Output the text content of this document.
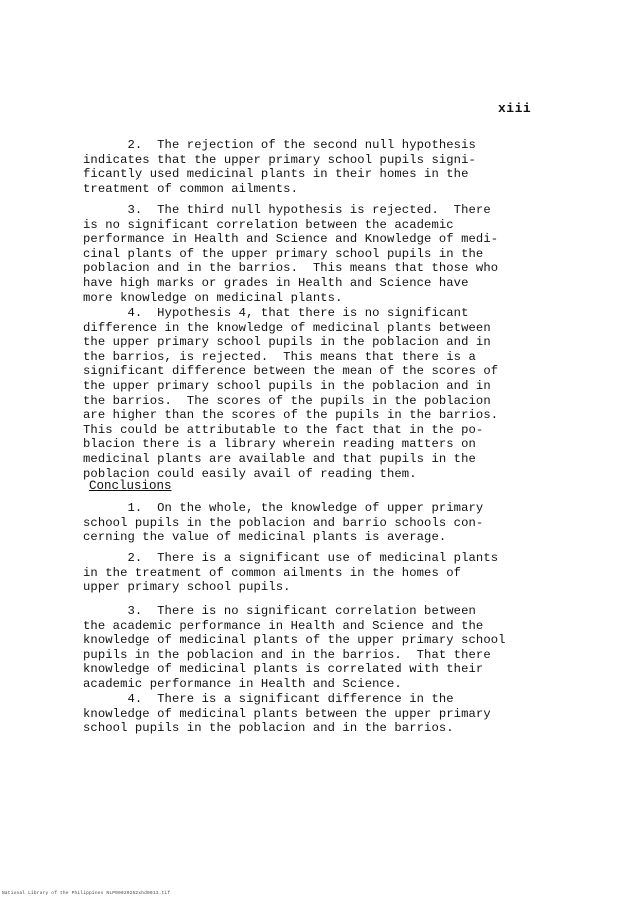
xiii
2.  The rejection of the second null hypothesis
indicates that the upper primary school pupils signi-
ficantly used medicinal plants in their homes in the
treatment of common ailments.
3.  The third null hypothesis is rejected.  There
is no significant correlation between the academic
performance in Health and Science and Knowledge of medi-
cinal plants of the upper primary school pupils in the
poblacion and in the barrios.  This means that those who
have high marks or grades in Health and Science have
more knowledge on medicinal plants.
4.  Hypothesis 4, that there is no significant
difference in the knowledge of medicinal plants between
the upper primary school pupils in the poblacion and in
the barrios, is rejected.  This means that there is a
significant difference between the mean of the scores of
the upper primary school pupils in the poblacion and in
the barrios.  The scores of the pupils in the poblacion
are higher than the scores of the pupils in the barrios.
This could be attributable to the fact that in the po-
blacion there is a library wherein reading matters on
medicinal plants are available and that pupils in the
poblacion could easily avail of reading them.
Conclusions
1.  On the whole, the knowledge of upper primary
school pupils in the poblacion and barrio schools con-
cerning the value of medicinal plants is average.
2.  There is a significant use of medicinal plants
in the treatment of common ailments in the homes of
upper primary school pupils.
3.  There is no significant correlation between
the academic performance in Health and Science and the
knowledge of medicinal plants of the upper primary school
pupils in the poblacion and in the barrios.  That there
knowledge of medicinal plants is correlated with their
academic performance in Health and Science.
4.  There is a significant difference in the
knowledge of medicinal plants between the upper primary
school pupils in the poblacion and in the barrios.
National Library of the Philippines NLP00020252xhd0013.tif
